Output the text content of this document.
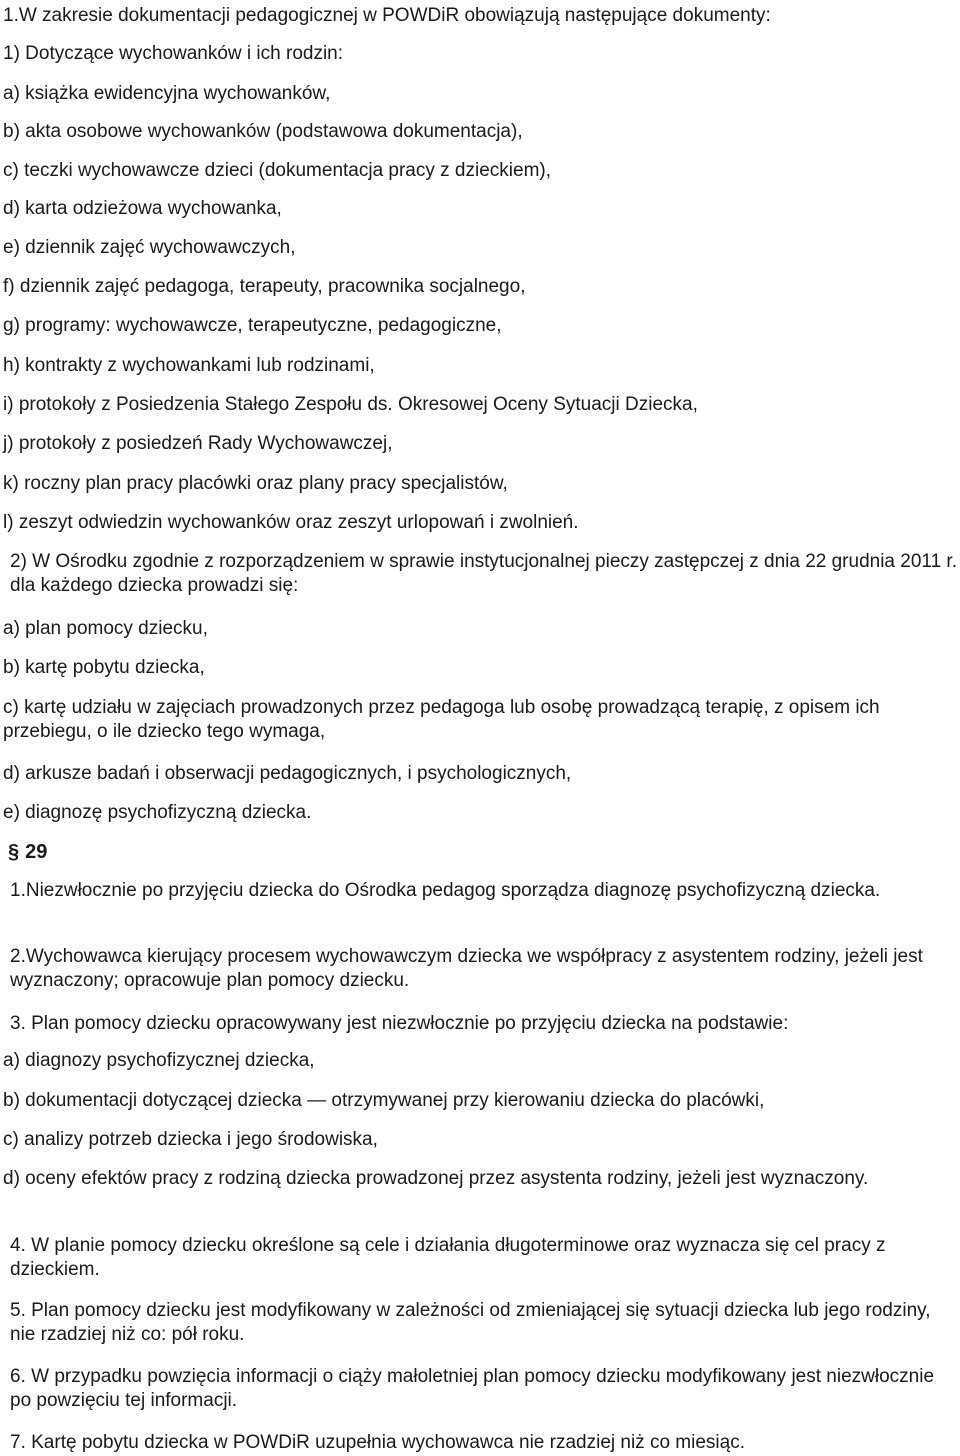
1.W zakresie dokumentacji pedagogicznej w POWDiR obowiązują następujące dokumenty:

1) Dotyczące wychowanków i ich rodzin:

a) książka ewidencyjna wychowanków,

b) akta osobowe wychowanków (podstawowa dokumentacja),

c) teczki wychowawcze dzieci (dokumentacja pracy z dzieckiem),

d) karta odzieżowa wychowanka,

e) dziennik zajęć wychowawczych,

f) dziennik zajęć pedagoga, terapeuty, pracownika socjalnego,

g) programy: wychowawcze, terapeutyczne, pedagogiczne,

h) kontrakty z wychowankami lub rodzinami,

i) protokoły z Posiedzenia Stałego Zespołu ds. Okresowej Oceny Sytuacji Dziecka,

j) protokoły z posiedzeń Rady Wychowawczej,

k) roczny plan pracy placówki oraz plany pracy specjalistów,

l) zeszyt odwiedzin wychowanków oraz zeszyt urlopowań i zwolnień.

2) W Ośrodku zgodnie z rozporządzeniem w sprawie instytucjonalnej pieczy zastępczej z dnia 22 grudnia 2011 r. dla każdego dziecka prowadzi się:

a) plan pomocy dziecku,

b) kartę pobytu dziecka,

c) kartę udziału w zajęciach prowadzonych przez pedagoga lub osobę prowadzącą terapię, z opisem ich przebiegu, o ile dziecko tego wymaga,

d) arkusze badań i obserwacji pedagogicznych, i psychologicznych,

e) diagnozę psychofizyczną dziecka.

§ 29

1.Niezwłocznie po przyjęciu dziecka do Ośrodka pedagog sporządza diagnozę psychofizyczną dziecka.

2.Wychowawca kierujący procesem wychowawczym dziecka we współpracy z asystentem rodziny, jeżeli jest wyznaczony; opracowuje plan pomocy dziecku.

3. Plan pomocy dziecku opracowywany jest niezwłocznie po przyjęciu dziecka na podstawie:

a) diagnozy psychofizycznej dziecka,

b) dokumentacji dotyczącej dziecka — otrzymywanej przy kierowaniu dziecka do placówki,

c) analizy potrzeb dziecka i jego środowiska,

d) oceny efektów pracy z rodziną dziecka prowadzonej przez asystenta rodziny, jeżeli jest wyznaczony.

4. W planie pomocy dziecku określone są cele i działania długoterminowe oraz wyznacza się cel pracy z dzieckiem.

5. Plan pomocy dziecku jest modyfikowany w zależności od zmieniającej się sytuacji dziecka lub jego rodziny, nie rzadziej niż co: pół roku.

6. W przypadku powzięcia informacji o ciąży małoletniej plan pomocy dziecku modyfikowany jest niezwłocznie po powzięciu tej informacji.

7. Kartę pobytu dziecka w POWDiR uzupełnia wychowawca nie rzadziej niż co miesiąc.
